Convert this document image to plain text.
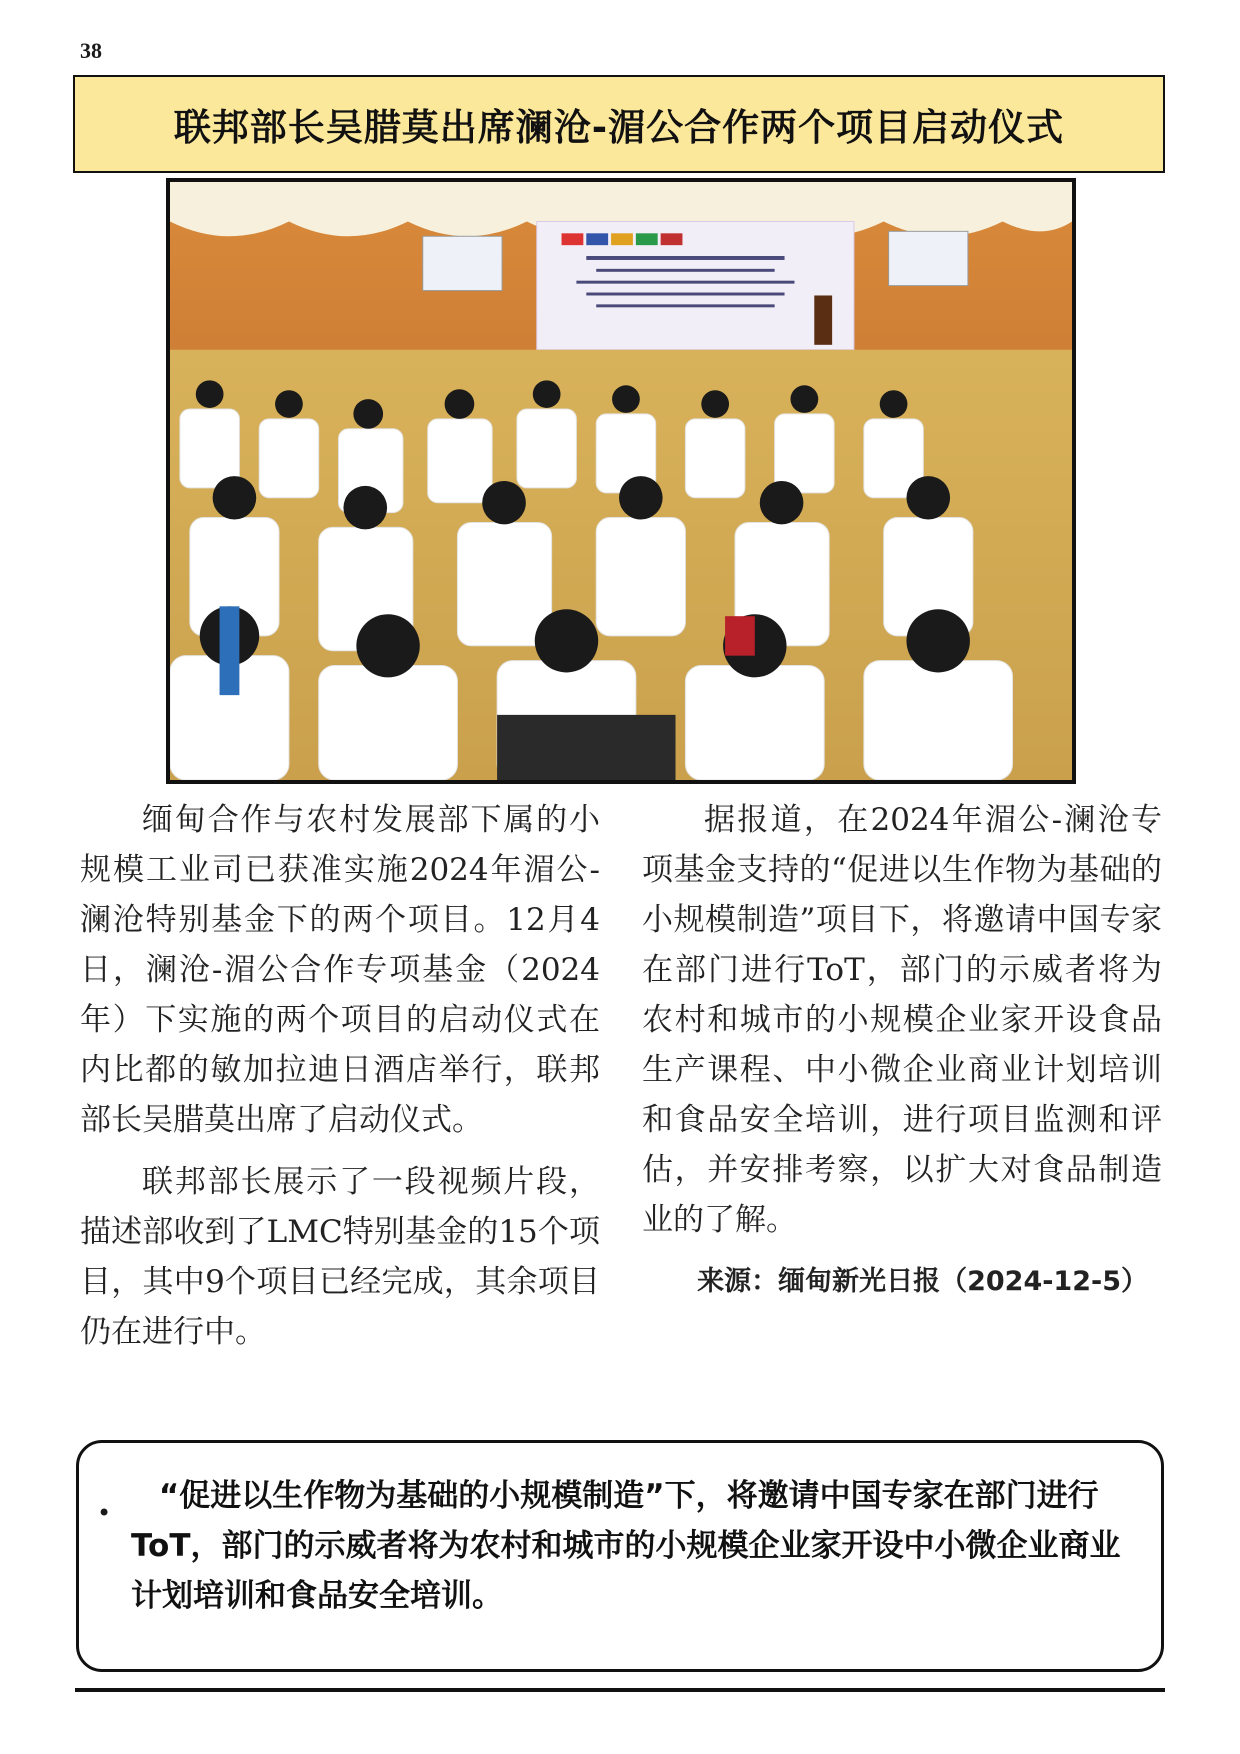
38
联邦部长吴腊莫出席澜沧-湄公合作两个项目启动仪式

缅甸合作与农村发展部下属的小规模工业司已获准实施2024年湄公-澜沧特别基金下的两个项目。12月4日，澜沧-湄公合作专项基金（2024年）下实施的两个项目的启动仪式在内比都的敏加拉迪日酒店举行，联邦部长吴腊莫出席了启动仪式。

联邦部长展示了一段视频片段，描述部收到了LMC特别基金的15个项目，其中9个项目已经完成，其余项目仍在进行中。

据报道，在2024年湄公-澜沧专项基金支持的“促进以生作物为基础的小规模制造”项目下，将邀请中国专家在部门进行ToT，部门的示威者将为农村和城市的小规模企业家开设食品生产课程、中小微企业商业计划培训和食品安全培训，进行项目监测和评估，并安排考察，以扩大对食品制造业的了解。

来源：缅甸新光日报（2024-12-5）

•	“促进以生作物为基础的小规模制造”下，将邀请中国专家在部门进行ToT，部门的示威者将为农村和城市的小规模企业家开设中小微企业商业计划培训和食品安全培训。
